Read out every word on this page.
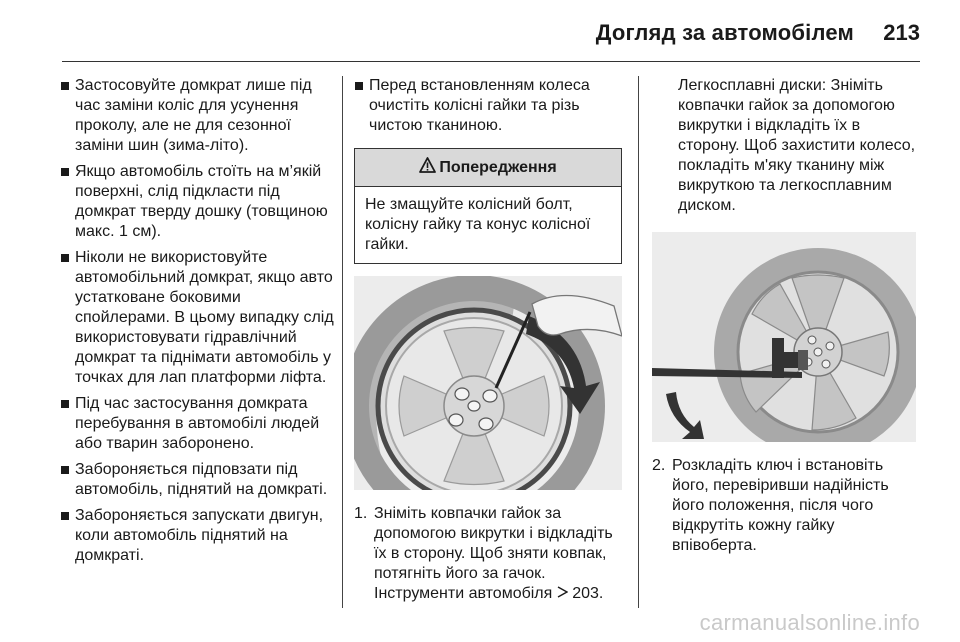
Догляд за автомобілем 213
Застосовуйте домкрат лише під час заміни коліс для усунення проколу, але не для сезонної заміни шин (зима-літо).
Якщо автомобіль стоїть на м’якій поверхні, слід підкласти під домкрат тверду дошку (товщиною макс. 1 см).
Ніколи не використовуйте автомобільний домкрат, якщо авто устатковане боковими спойлерами. В цьому випадку слід використовувати гідравлічний домкрат та піднімати автомобіль у точках для лап платформи ліфта.
Під час застосування домкрата перебування в автомобілі людей або тварин заборонено.
Забороняється підповзати під автомобіль, піднятий на домкраті.
Забороняється запускати двигун, коли автомобіль піднятий на домкраті.
Перед встановленням колеса очистіть колісні гайки та різь чистою тканиною.
Попередження
Не змащуйте колісний болт, колісну гайку та конус колісної гайки.
1. Зніміть ковпачки гайок за допомогою викрутки і відкладіть їх в сторону. Щоб зняти ковпак, потягніть його за гачок. Інструменти автомобіля 203.

Легкосплавні диски: Зніміть ковпачки гайок за допомогою викрутки і відкладіть їх в сторону. Щоб захистити колесо, покладіть м'яку тканину між викруткою та легкосплавним диском.

2. Розкладіть ключ і встановіть його, перевіривши надійність його положення, після чого відкрутіть кожну гайку впівоберта.
carmanualsonline.info
